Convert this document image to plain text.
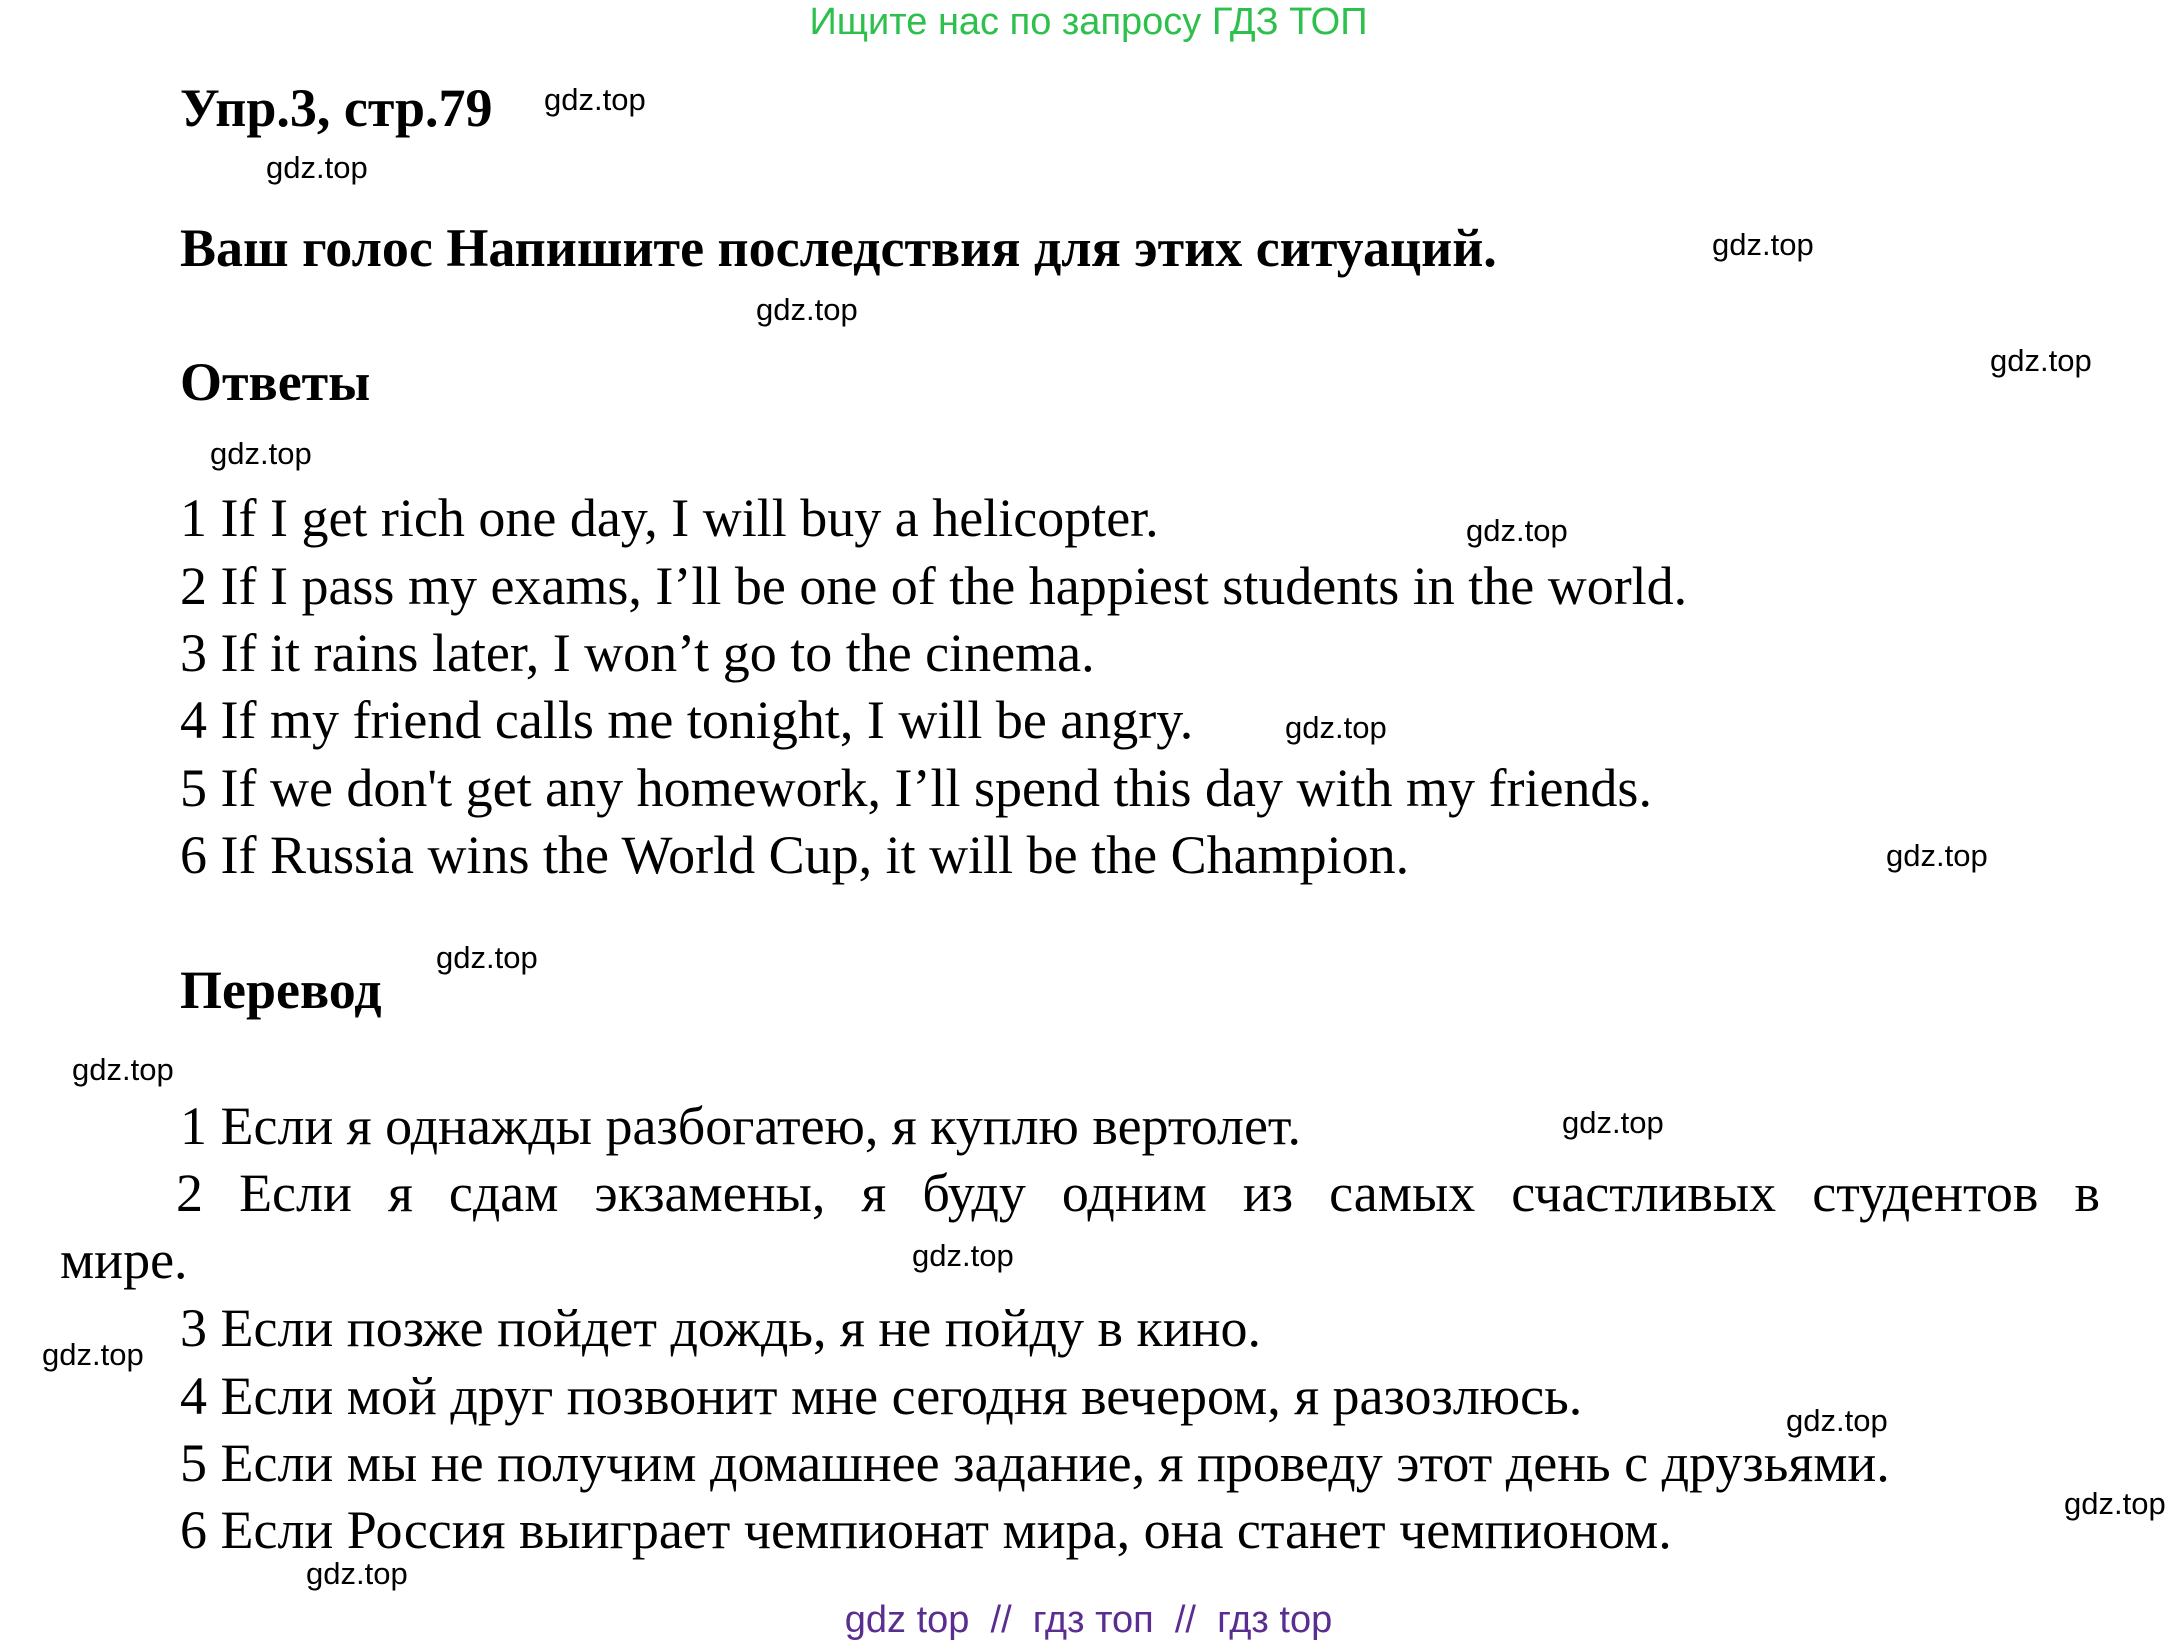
Ищите нас по запросу ГДЗ ТОП
Упр.3, стр.79
Ваш голос Напишите последствия для этих ситуаций.
Ответы
1 If I get rich one day, I will buy a helicopter.
2 If I pass my exams, I’ll be one of the happiest students in the world.
3 If it rains later, I won’t go to the cinema.
4 If my friend calls me tonight, I will be angry.
5 If we don't get any homework, I’ll spend this day with my friends.
6 If Russia wins the World Cup, it will be the Champion.
Перевод
1 Если я однажды разбогатею, я куплю вертолет.
2 Если я сдам экзамены, я буду одним из самых счастливых студентов в
мире.
3 Если позже пойдет дождь, я не пойду в кино.
4 Если мой друг позвонит мне сегодня вечером, я разозлюсь.
5 Если мы не получим домашнее задание, я проведу этот день с друзьями.
6 Если Россия выиграет чемпионат мира, она станет чемпионом.
gdz.top
gdz.top
gdz.top
gdz.top
gdz.top
gdz.top
gdz.top
gdz.top
gdz.top
gdz.top
gdz.top
gdz.top
gdz.top
gdz.top
gdz.top
gdz.top
gdz.top
gdz top  //  гдз топ  //  гдз top
